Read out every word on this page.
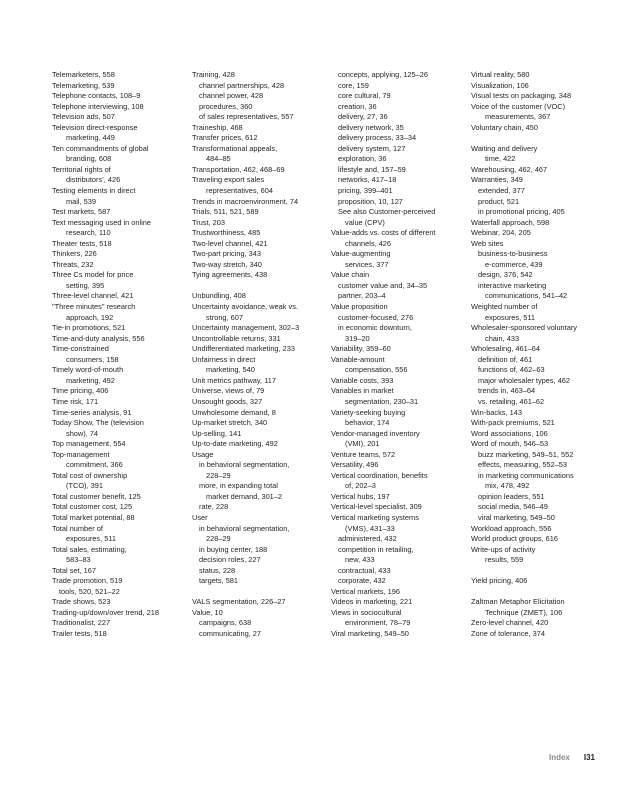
Telemarketers, 558

Telemarketing, 539

Telephone contacts, 108–9

Telephone interviewing, 108

Television ads, 507

Television direct-response

marketing, 449

Ten commandments of global

branding, 608

Territorial rights of

distributors’, 426

Testing elements in direct

mail, 539

Test markets, 587

Text messaging used in online

research, 110

Theater tests, 518

Thinkers, 226

Threats, 232

Three Cs model for price

setting, 395

Three-level channel, 421

"Three minutes" research

approach, 192

Tie-in promotions, 521

Time-and-duty analysis, 556

Time-constrained

consumers, 158

Timely word-of-mouth

marketing, 492

Time pricing, 406

Time risk, 171

Time-series analysis, 91

Today Show, The (television

show), 74

Top management, 554

Top-management

commitment, 366

Total cost of ownership

(TCO), 391

Total customer benefit, 125

Total customer cost, 125

Total market potential, 88

Total number of

exposures, 511

Total sales, estimating,

583–83

Total set, 167

Trade promotion, 519

tools, 520, 521–22

Trade shows, 523

Trading-up/down/over trend, 218

Traditionalist, 227

Trailer tests, 518

Training, 428

channel partnerships, 428

channel power, 428

procedures, 360

of sales representatives, 557

Traineship, 468

Transfer prices, 612

Transformational appeals,

484–85

Transportation, 462, 468–69

Traveling export sales

representatives, 604

Trends in macroenvironment, 74

Trials, 511, 521, 589

Trust, 203

Trustworthiness, 485

Two-level channel, 421

Two-part pricing, 343

Two-way stretch, 340

Tying agreements, 438

Unbundling, 408

Uncertainty avoidance, weak vs.

strong, 607

Uncertainty management, 302–3

Uncontrollable returns, 331

Undifferentiated marketing, 233

Unfairness in direct

marketing, 540

Unit metrics pathway, 117

Universe, views of, 79

Unsought goods, 327

Unwholesome demand, 8

Up-market stretch, 340

Up-selling, 141

Up-to-date marketing, 492

Usage

in behavioral segmentation,

228–29

more, in expanding total

market demand, 301–2

rate, 228

User

in behavioral segmentation,

228–29

in buying center, 188

decision roles, 227

status, 228

targets, 581

VALS segmentation, 226–27

Value, 10

campaigns, 638

communicating, 27

concepts, applying, 125–26

core, 159

core cultural, 79

creation, 36

delivery, 27, 36

delivery network, 35

delivery process, 33–34

delivery system, 127

exploration, 36

lifestyle and, 157–59

networks, 417–18

pricing, 399–401

proposition, 10, 127

See also Customer-perceived

value (CPV)

Value-adds vs. costs of different

channels, 426

Value-augmenting

services, 377

Value chain

customer value and, 34–35

partner, 203–4

Value proposition

customer-focused, 276

in economic downturn,

319–20

Variability, 359–60

Variable-amount

compensation, 556

Variable costs, 393

Variables in market

segmentation, 230–31

Variety-seeking buying

behavior, 174

Vendor-managed inventory

(VMI), 201

Venture teams, 572

Versatility, 496

Vertical coordination, benefits

of, 202–3

Vertical hubs, 197

Vertical-level specialist, 309

Vertical marketing systems

(VMS), 431–33

administered, 432

competition in retailing,

new, 433

contractual, 433

corporate, 432

Vertical markets, 196

Videos in marketing, 221

Views in sociocultural

environment, 78–79

Viral marketing, 549–50

Virtual reality, 580

Visualization, 106

Visual tests on packaging, 348

Voice of the customer (VOC)

measurements, 367

Voluntary chain, 450

Waiting and delivery

time, 422

Warehousing, 462, 467

Warranties, 349

extended, 377

product, 521

in promotional pricing, 405

Waterfall approach, 598

Webinar, 204, 205

Web sites

business-to-business

e-commerce, 439

design, 376, 542

interactive marketing

communications, 541–42

Weighted number of

exposures, 511

Wholesaler-sponsored voluntary

chain, 433

Wholesaling, 461–64

definition of, 461

functions of, 462–63

major wholesaler types, 462

trends in, 463–64

vs. retailing, 461–62

Win-backs, 143

With-pack premiums, 521

Word associations, 106

Word of mouth, 546–53

buzz marketing, 549–51, 552

effects, measuring, 552–53

in marketing communications

mix, 478, 492

opinion leaders, 551

social media, 546–49

viral marketing, 549–50

Workload approach, 556

World product groups, 616

Write-ups of activity

results, 559

Yield pricing, 406

Zaltman Metaphor Elicitation

Technique (ZMET), 106

Zero-level channel, 420

Zone of tolerance, 374

Index I31
